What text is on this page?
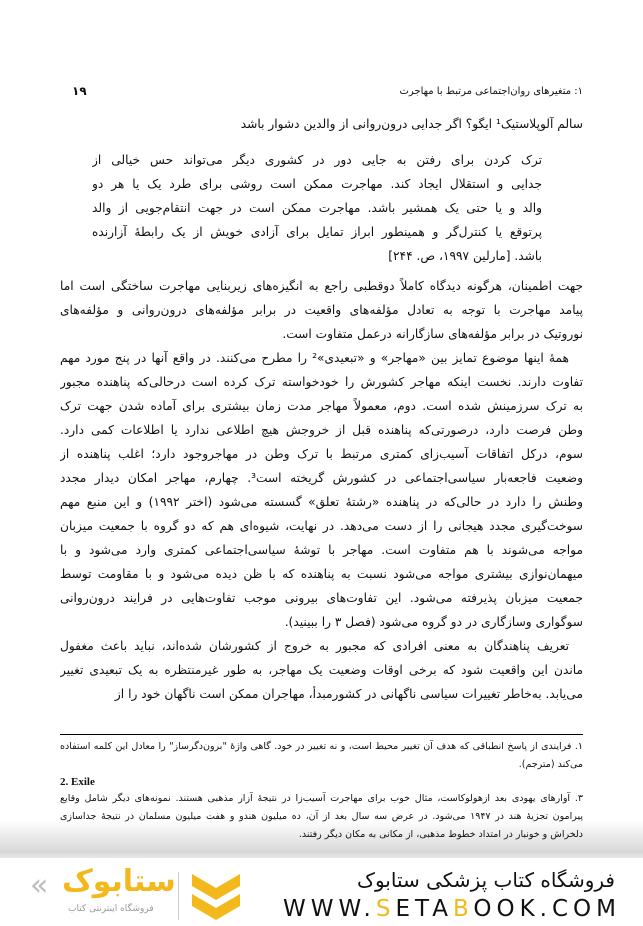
۱: متغیرهای روان‌اجتماعی مرتبط با مهاجرت
۱۹
سالم آلوپلاستیک¹ ایگو؟ اگر جدایی درون‌روانی از والدین دشوار باشد
ترک کردن برای رفتن به جایی دور در کشوری دیگر می‌تواند حس خیالی از
جدایی و استقلال ایجاد کند. مهاجرت ممکن است روشی برای طرد یک یا هر دو
والد و یا حتی یک همشیر باشد. مهاجرت ممکن است در جهت انتقام‌جویی از والد
پرتوقع یا کنترل‌گر و همینطور ابراز تمایل برای آزادی خویش از یک رابطهٔ آزارنده
باشد. [مارلین ۱۹۹۷، ص. ۲۴۴]
جهت اطمینان، هرگونه دیدگاه کاملاً دوقطبی راجع به انگیزه‌های زیربنایی مهاجرت ساختگی است اما
پیامد مهاجرت با توجه به تعادل مؤلفه‌های واقعیت در برابر مؤلفه‌های درون‌روانی و مؤلفه‌های
نوروتیک در برابر مؤلفه‌های سازگارانه درعمل متفاوت است.
همهٔ اینها موضوع تمایز بین «مهاجر» و «تبعیدی»² را مطرح می‌کنند. در واقع آنها در پنج مورد مهم
تفاوت دارند. نخست اینکه مهاجر کشورش را خودخواسته ترک کرده است درحالی‌که پناهنده مجبور
به ترک سرزمینش شده است. دوم، معمولاً مهاجر مدت زمان بیشتری برای آماده شدن جهت ترک
وطن فرصت دارد، درصورتی‌که پناهنده قبل از خروجش هیچ اطلاعی ندارد یا اطلاعات کمی دارد.
سوم، درکل اتفاقات آسیب‌زای کمتری مرتبط با ترک وطن در مهاجروجود دارد؛ اغلب پناهنده از
وضعیت فاجعه‌بار سیاسی‌اجتماعی در کشورش گریخته است³. چهارم، مهاجر امکان دیدار مجدد
وطنش را دارد در حالی‌که در پناهنده «رشتهٔ تعلق» گسسته می‌شود (اختر ۱۹۹۲) و این منبع مهم
سوخت‌گیری مجدد هیجانی را از دست می‌دهد. در نهایت، شیوه‌ای هم که دو گروه با جمعیت میزبان
مواجه می‌شوند با هم متفاوت است. مهاجر با توشهٔ سیاسی‌اجتماعی کمتری وارد می‌شود و با
میهمان‌نوازی بیشتری مواجه می‌شود نسبت به پناهنده که با ظن دیده می‌شود و با مقاومت توسط
جمعیت میزبان پذیرفته می‌شود. این تفاوت‌های بیرونی موجب تفاوت‌هایی در فرایند درون‌روانی
سوگواری وسازگاری در دو گروه می‌شود (فصل ۳ را ببینید).
تعریف پناهندگان به معنی افرادی که مجبور به خروج از کشورشان شده‌اند، نباید باعث مغفول
ماندن این واقعیت شود که برخی اوقات وضعیت یک مهاجر، به طور غیرمنتظره به یک تبعیدی تغییر
می‌یابد. به‌خاطر تغییرات سیاسی ناگهانی در کشورمبدأ، مهاجران ممکن است ناگهان خود را از
۱. فرایندی از پاسخ انطباقی که هدف آن تغییر محیط است، و نه تغییر در خود. گاهی واژهٔ "برون‌دگرساز" را معادل این کلمه استفاده
می‌کند (مترجم).
2. Exile
۳. آوارهای یهودی بعد ازهولوکاست، مثال خوب برای مهاجرت آسیب‌زا در نتیجهٔ آزار مذهبی هستند. نمونه‌های دیگر شامل وقایع
پیرامون تجزیهٔ هند در ۱۹۴۷ می‌شود. در عرض سه سال بعد از آن، ده میلیون هندو و هفت میلیون مسلمان در نتیجهٔ جداسازی
دلخراش و خونبار در امتداد خطوط مذهبی، از مکانی به مکان دیگر رفتند.
« ستابوک
فروشگاه اینترنتی کتاب
فروشگاه کتاب پزشکی ستابوک
WWW.SETABOOK.COM
